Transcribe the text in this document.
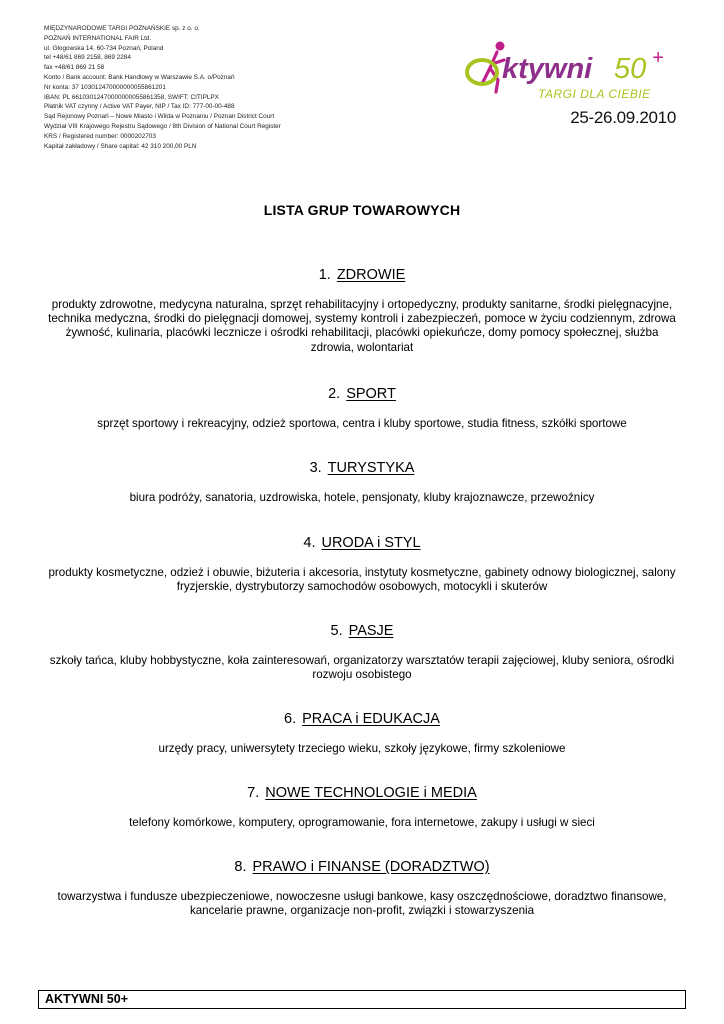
MIĘDZYNARODOWE TARGI POZNAŃSKIE sp. z o. o.
POZNAŃ INTERNATIONAL FAIR Ltd.
ul. Głogowska 14, 60-734 Poznań, Poland
tel +48/61 869 2158, 869 2284
fax +48/61 869 21 58
Konto / Bank account: Bank Handlowy w Warszawie S.A. o/Poznań
Nr konta: 37 103012470000000055861201
IBAN: PL 66103012470000000055861358, SWIFT: CITIPLPX
Płatnik VAT czynny / Active VAT Payer, NIP / Tax ID: 777-00-00-488
Sąd Rejonowy Poznań – Nowe Miasto i Wilda w Poznaniu / Poznan District Court
Wydział VIII Krajowego Rejestru Sądowego / 8th Division of National Court Register
KRS / Registered number: 0000202703
Kapitał zakładowy / Share capital: 42 310 200,00 PLN
ktywni 50 +
TARGI DLA CIEBIE
25-26.09.2010
LISTA GRUP TOWAROWYCH
1. ZDROWIE

produkty zdrowotne, medycyna naturalna, sprzęt rehabilitacyjny i ortopedyczny, produkty sanitarne, środki pielęgnacyjne, technika medyczna, środki do pielęgnacji domowej, systemy kontroli i zabezpieczeń, pomoce w życiu codziennym, zdrowa żywność, kulinaria, placówki lecznicze i ośrodki rehabilitacji, placówki opiekuńcze, domy pomocy społecznej, służba zdrowia, wolontariat

2. SPORT

sprzęt sportowy i rekreacyjny, odzież sportowa, centra i kluby sportowe, studia fitness, szkółki sportowe

3. TURYSTYKA

biura podróży, sanatoria, uzdrowiska, hotele, pensjonaty, kluby krajoznawcze, przewoźnicy

4. URODA i STYL

produkty kosmetyczne, odzież i obuwie, biżuteria i akcesoria, instytuty kosmetyczne, gabinety odnowy biologicznej, salony fryzjerskie, dystrybutorzy samochodów osobowych, motocykli i skuterów

5. PASJE

szkoły tańca, kluby hobbystyczne, koła zainteresowań, organizatorzy warsztatów terapii zajęciowej, kluby seniora, ośrodki rozwoju osobistego

6. PRACA i EDUKACJA

urzędy pracy, uniwersytety trzeciego wieku, szkoły językowe, firmy szkoleniowe

7. NOWE TECHNOLOGIE i MEDIA

telefony komórkowe, komputery, oprogramowanie, fora internetowe, zakupy i usługi w sieci

8. PRAWO i FINANSE (DORADZTWO)

towarzystwa i fundusze ubezpieczeniowe, nowoczesne usługi bankowe, kasy oszczędnościowe, doradztwo finansowe, kancelarie prawne, organizacje non-profit, związki i stowarzyszenia

AKTYWNI 50+
